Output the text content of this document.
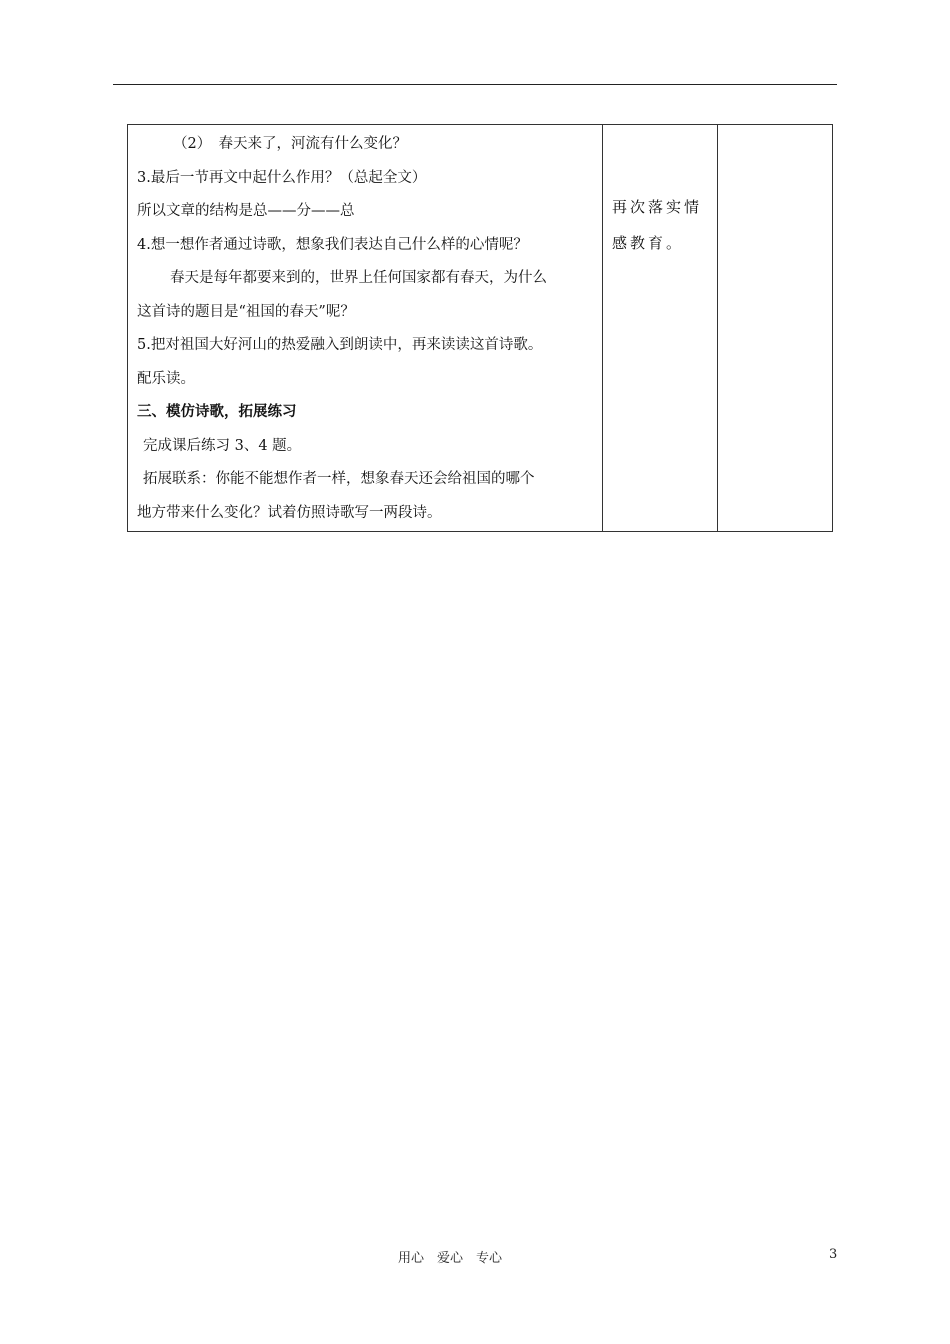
（2）　春天来了，河流有什么变化？
3.最后一节再文中起什么作用？（总起全文）
所以文章的结构是总——分——总
4.想一想作者通过诗歌，想象我们表达自己什么样的心情呢？
春天是每年都要来到的，世界上任何国家都有春天，为什么
这首诗的题目是“祖国的春天”呢？
5.把对祖国大好河山的热爱融入到朗读中，再来读读这首诗歌。
配乐读。
三、模仿诗歌，拓展练习
完成课后练习 3、4 题。
拓展联系：你能不能想作者一样，想象春天还会给祖国的哪个
地方带来什么变化？试着仿照诗歌写一两段诗。

再次落实情
感教育。

用心　爱心　专心	3
